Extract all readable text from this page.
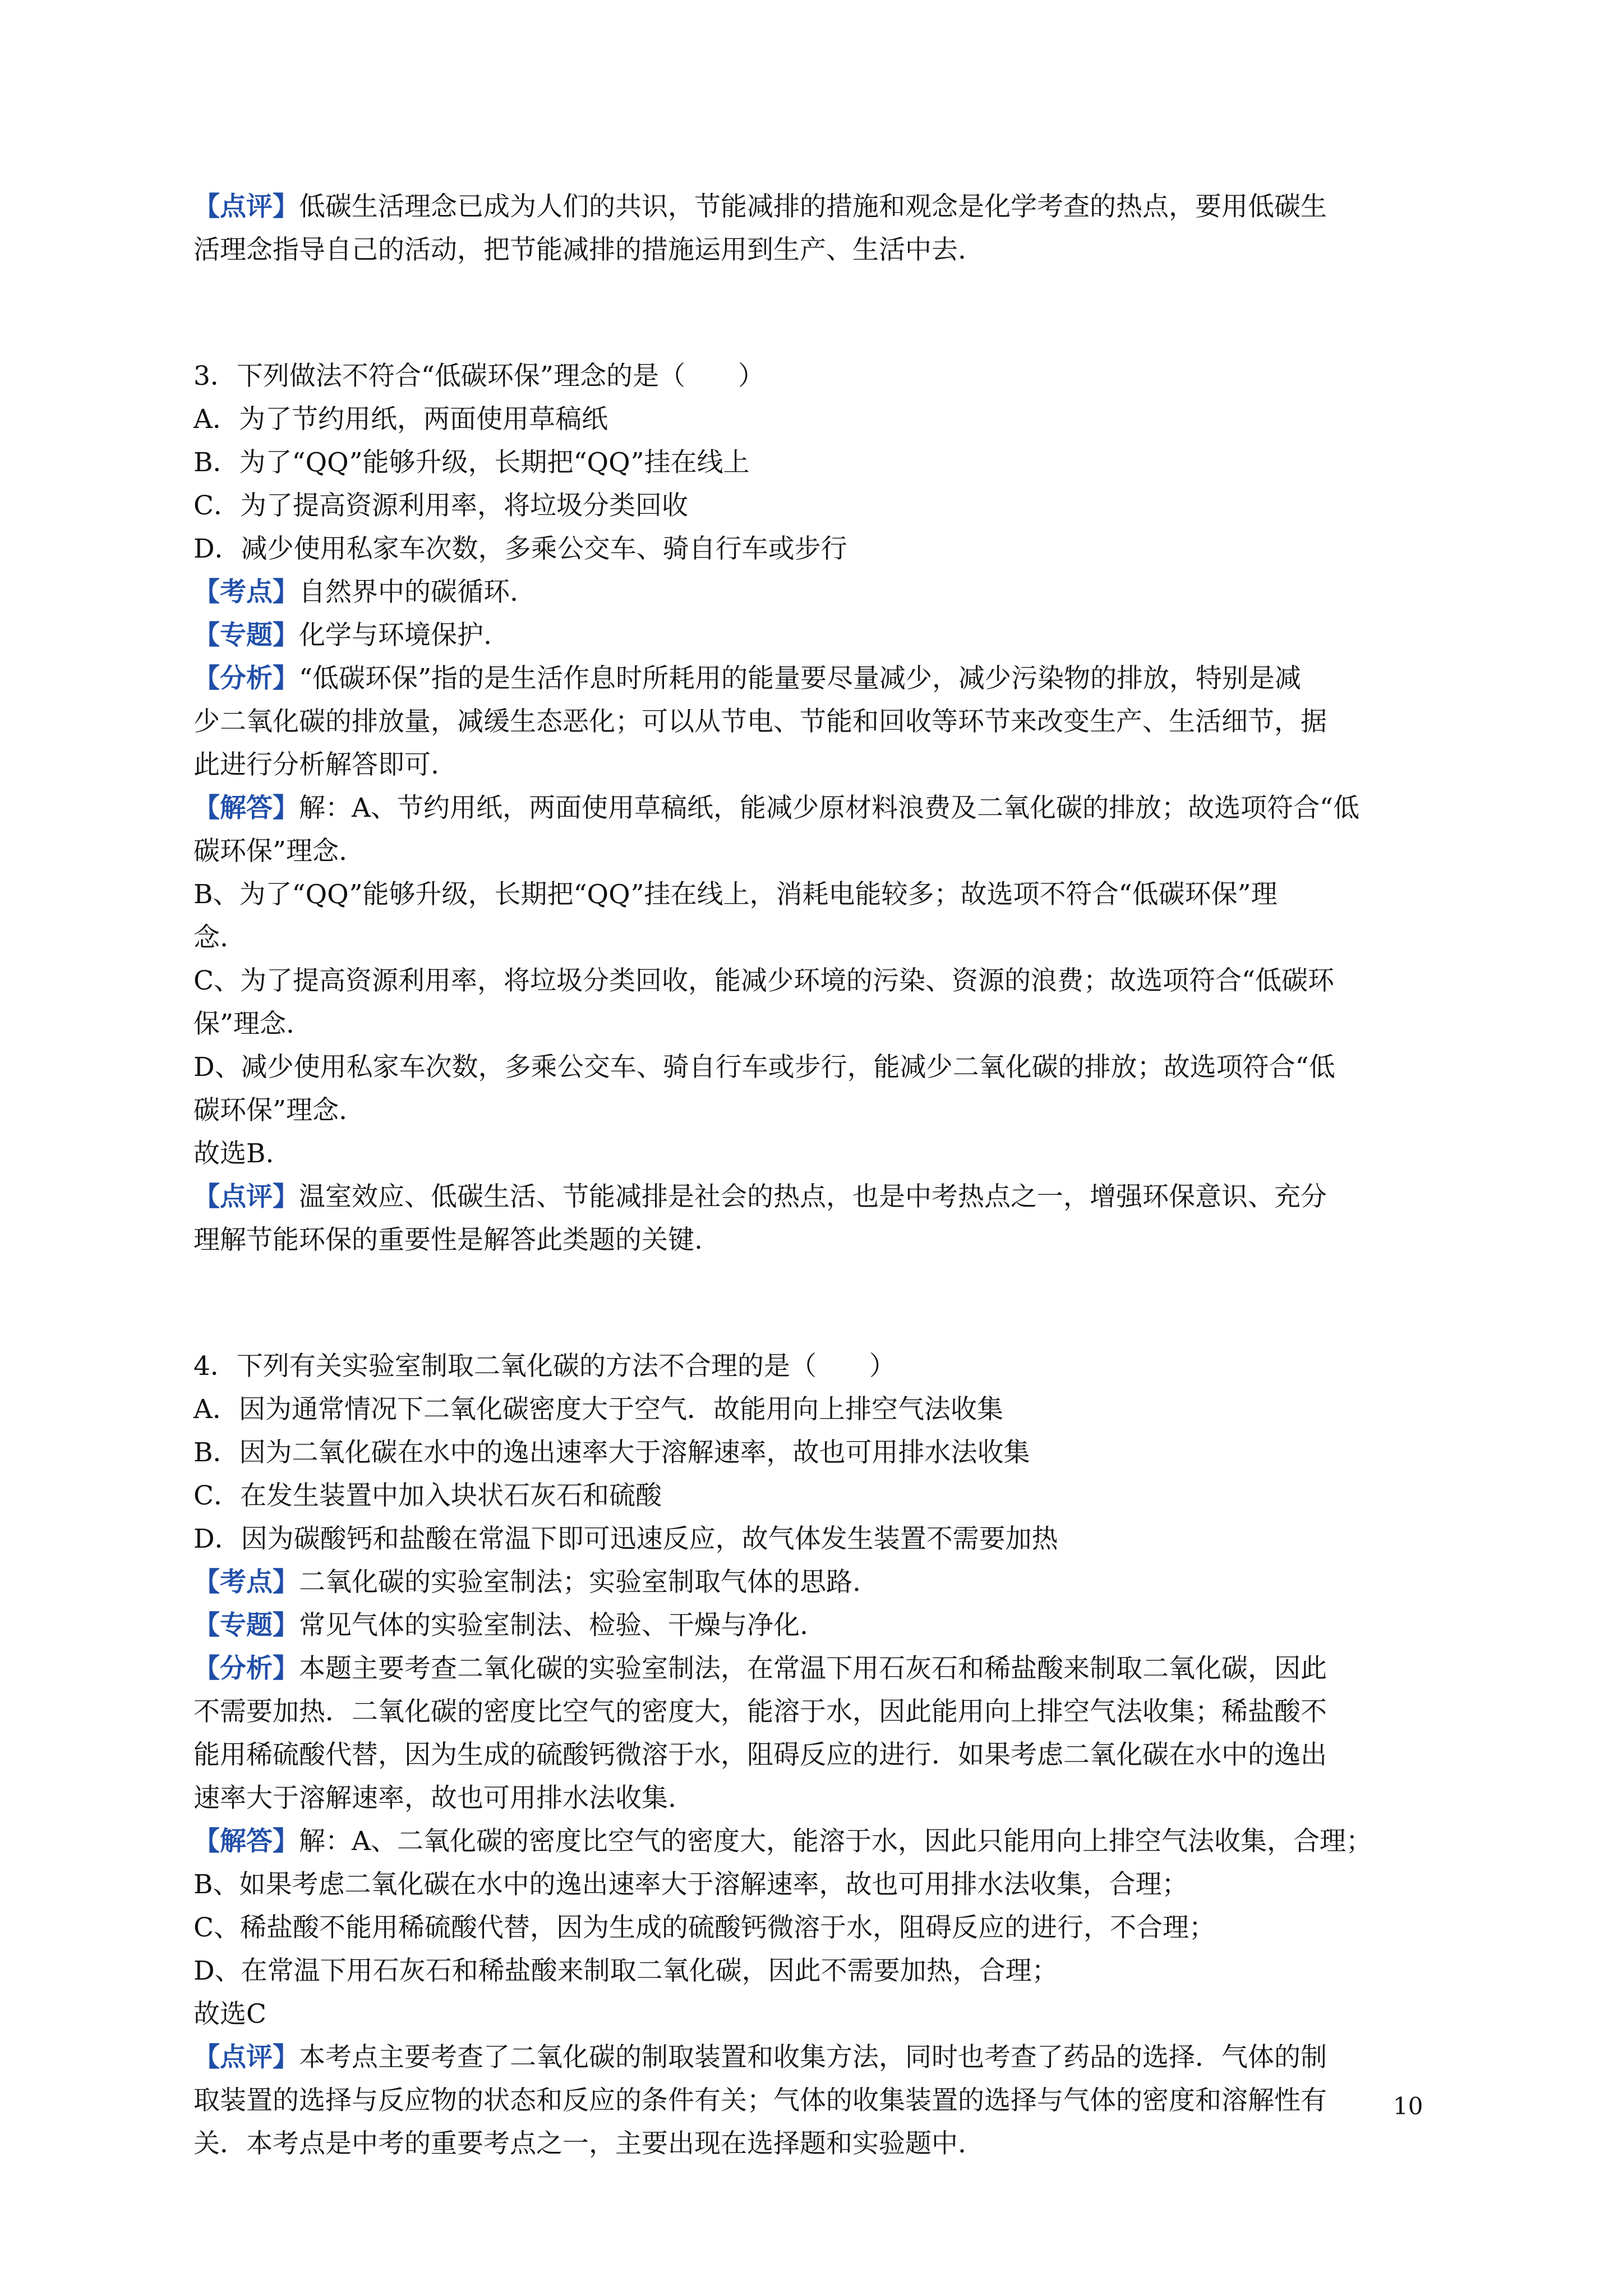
【点评】低碳生活理念已成为人们的共识，节能减排的措施和观念是化学考查的热点，要用低碳生
活理念指导自己的活动，把节能减排的措施运用到生产、生活中去.
3．下列做法不符合“低碳环保”理念的是（　　）
A．为了节约用纸，两面使用草稿纸
B．为了“QQ”能够升级，长期把“QQ”挂在线上
C．为了提高资源利用率，将垃圾分类回收
D．减少使用私家车次数，多乘公交车、骑自行车或步行
【考点】自然界中的碳循环.
【专题】化学与环境保护.
【分析】“低碳环保”指的是生活作息时所耗用的能量要尽量减少，减少污染物的排放，特别是减
少二氧化碳的排放量，减缓生态恶化；可以从节电、节能和回收等环节来改变生产、生活细节，据
此进行分析解答即可.
【解答】解：A、节约用纸，两面使用草稿纸，能减少原材料浪费及二氧化碳的排放；故选项符合“低
碳环保”理念.
B、为了“QQ”能够升级，长期把“QQ”挂在线上，消耗电能较多；故选项不符合“低碳环保”理
念.
C、为了提高资源利用率，将垃圾分类回收，能减少环境的污染、资源的浪费；故选项符合“低碳环
保”理念.
D、减少使用私家车次数，多乘公交车、骑自行车或步行，能减少二氧化碳的排放；故选项符合“低
碳环保”理念.
故选B.
【点评】温室效应、低碳生活、节能减排是社会的热点，也是中考热点之一，增强环保意识、充分
理解节能环保的重要性是解答此类题的关键.
4．下列有关实验室制取二氧化碳的方法不合理的是（　　）
A．因为通常情况下二氧化碳密度大于空气．故能用向上排空气法收集
B．因为二氧化碳在水中的逸出速率大于溶解速率，故也可用排水法收集
C．在发生装置中加入块状石灰石和硫酸
D．因为碳酸钙和盐酸在常温下即可迅速反应，故气体发生装置不需要加热
【考点】二氧化碳的实验室制法；实验室制取气体的思路.
【专题】常见气体的实验室制法、检验、干燥与净化.
【分析】本题主要考查二氧化碳的实验室制法，在常温下用石灰石和稀盐酸来制取二氧化碳，因此
不需要加热．二氧化碳的密度比空气的密度大，能溶于水，因此能用向上排空气法收集；稀盐酸不
能用稀硫酸代替，因为生成的硫酸钙微溶于水，阻碍反应的进行．如果考虑二氧化碳在水中的逸出
速率大于溶解速率，故也可用排水法收集.
【解答】解：A、二氧化碳的密度比空气的密度大，能溶于水，因此只能用向上排空气法收集，合理；
B、如果考虑二氧化碳在水中的逸出速率大于溶解速率，故也可用排水法收集，合理；
C、稀盐酸不能用稀硫酸代替，因为生成的硫酸钙微溶于水，阻碍反应的进行，不合理；
D、在常温下用石灰石和稀盐酸来制取二氧化碳，因此不需要加热，合理；
故选C
【点评】本考点主要考查了二氧化碳的制取装置和收集方法，同时也考查了药品的选择．气体的制
取装置的选择与反应物的状态和反应的条件有关；气体的收集装置的选择与气体的密度和溶解性有
关．本考点是中考的重要考点之一，主要出现在选择题和实验题中.
10
